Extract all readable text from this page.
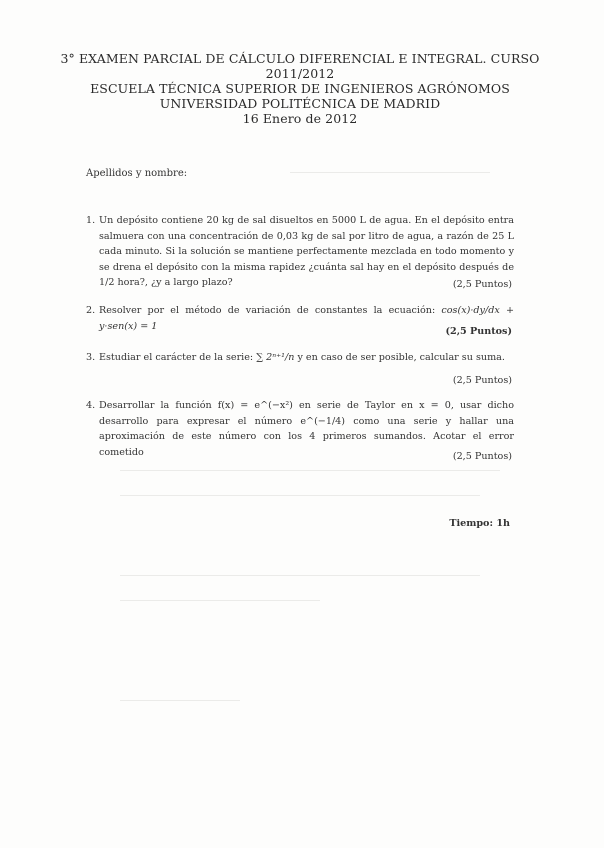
3° EXAMEN PARCIAL DE CÁLCULO DIFERENCIAL E INTEGRAL. CURSO
2011/2012
ESCUELA TÉCNICA SUPERIOR DE INGENIEROS AGRÓNOMOS
UNIVERSIDAD POLITÉCNICA DE MADRID
16 Enero de 2012
Apellidos y nombre:
1. Un depósito contiene 20 kg de sal disueltos en 5000 L de agua. En el depósito entra salmuera con una concentración de 0,03 kg de sal por litro de agua, a razón de 25 L cada minuto. Si la solución se mantiene perfectamente mezclada en todo momento y se drena el depósito con la misma rapidez ¿cuánta sal hay en el depósito después de 1/2 hora?, ¿y a largo plazo?	(2,5 Puntos)
2. Resolver por el método de variación de constantes la ecuación: cos(x)·dy/dx + y·sen(x) = 1	(2,5 Puntos)
3. Estudiar el carácter de la serie: ∑ 2ⁿ⁺¹/n y en caso de ser posible, calcular su suma.
(2,5 Puntos)
4. Desarrollar la función f(x) = e^(−x²) en serie de Taylor en x = 0, usar dicho desarrollo para expresar el número e^(−1/4) como una serie y hallar una aproximación de este número con los 4 primeros sumandos. Acotar el error cometido	(2,5 Puntos)
Tiempo: 1h
